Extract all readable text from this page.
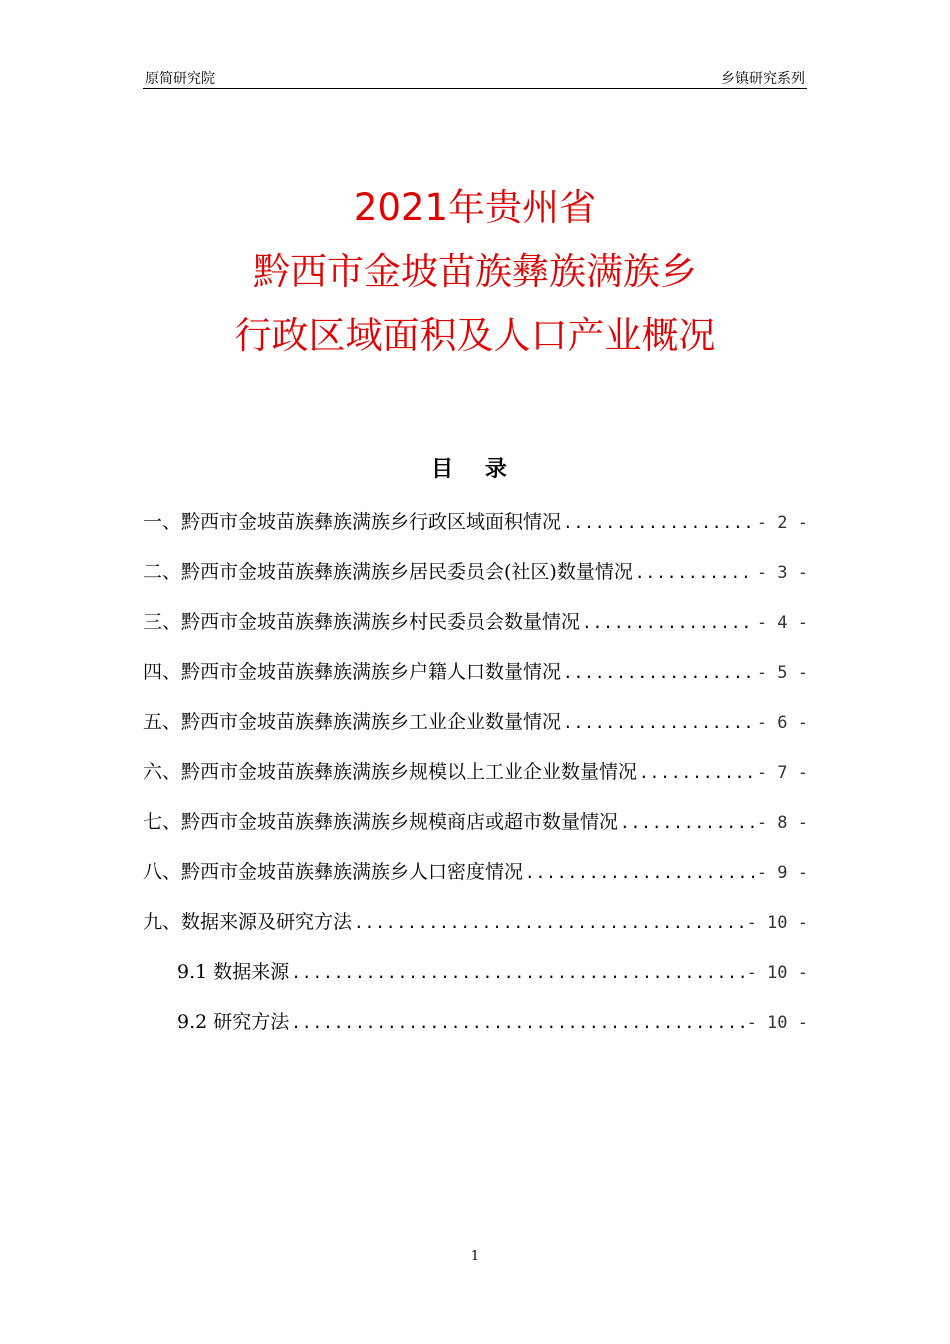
原简研究院	乡镇研究系列
2021年贵州省
黔西市金坡苗族彝族满族乡
行政区域面积及人口产业概况
目 录
一、黔西市金坡苗族彝族满族乡行政区域面积情况 .....	- 2 -
二、黔西市金坡苗族彝族满族乡居民委员会(社区)数量情况 .....	- 3 -
三、黔西市金坡苗族彝族满族乡村民委员会数量情况 .....	- 4 -
四、黔西市金坡苗族彝族满族乡户籍人口数量情况 .....	- 5 -
五、黔西市金坡苗族彝族满族乡工业企业数量情况 .....	- 6 -
六、黔西市金坡苗族彝族满族乡规模以上工业企业数量情况 .....	- 7 -
七、黔西市金坡苗族彝族满族乡规模商店或超市数量情况 .....	- 8 -
八、黔西市金坡苗族彝族满族乡人口密度情况 .....	- 9 -
九、数据来源及研究方法 .....	- 10 -
9.1 数据来源 .....	- 10 -
9.2 研究方法 .....	- 10 -
1
